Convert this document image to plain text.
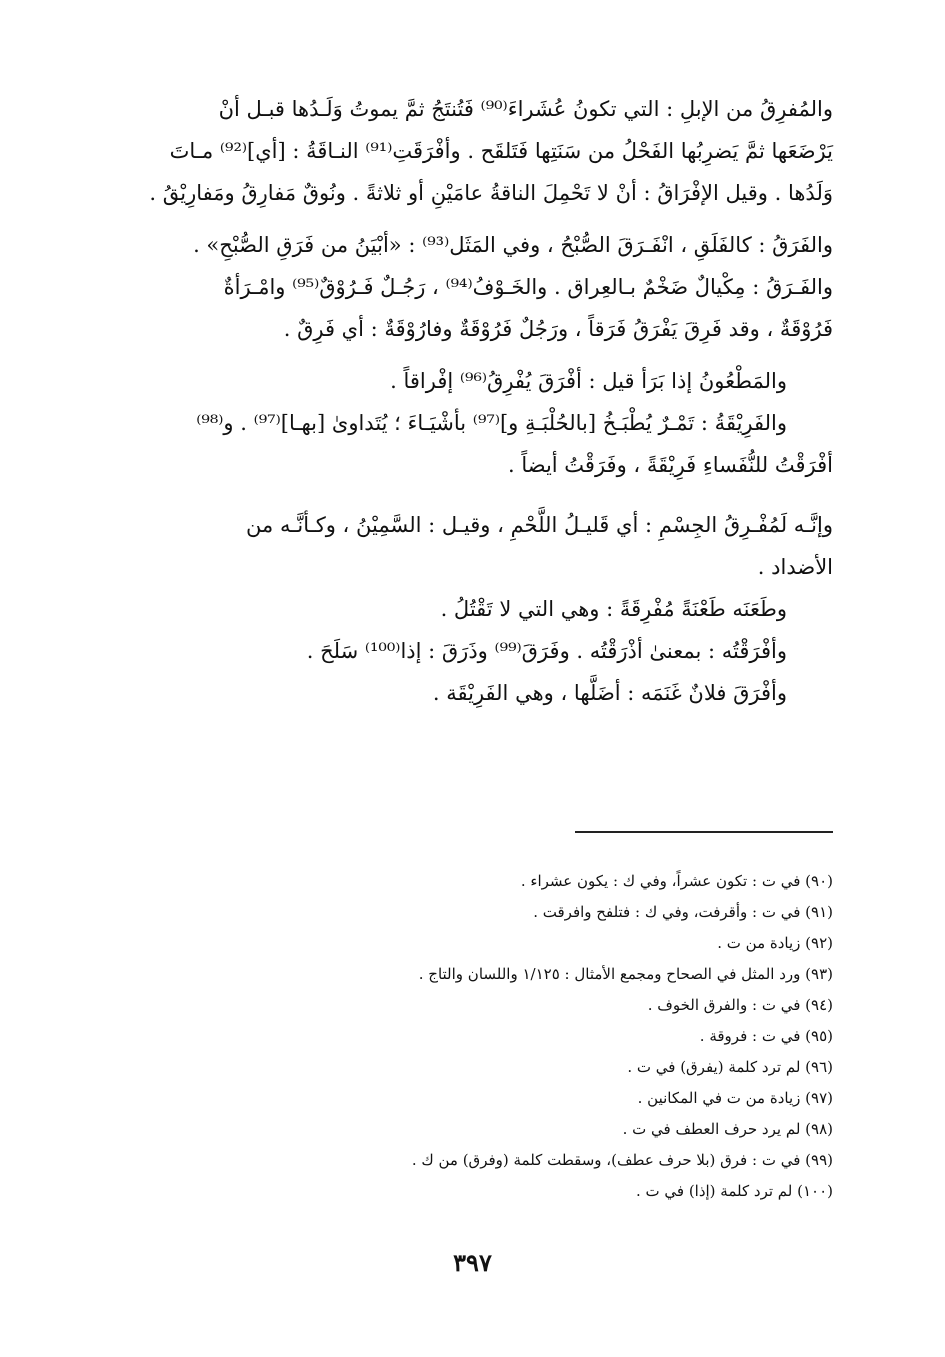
والمُفرِقُ من الإبلِ : التي تكونُ عُشَراءَ⁽⁹⁰⁾ فَتُنتَجُ ثمَّ يموتُ وَلَـدُها قبـل أنْ
يَرْضَعَها ثمَّ يَضرِبُها الفَحْلُ من سَنَتِها فَتَلقَح . وأفْرَقَتِ⁽⁹¹⁾ النـاقَةُ : [أي]⁽⁹²⁾ مـاتَ
وَلَدُها . وقيل الإفْرَاقُ : أنْ لا تَحْمِلَ الناقةُ عامَيْنِ أو ثلاثةً . ونُوقٌ مَفارِقُ ومَفارِيْقُ .

والفَرَقُ : كالفَلَقِ ، انْفَـرَقَ الصُّبْحُ ، وفي المَثَل⁽⁹³⁾ : «أبْيَنُ من فَرَقِ الصُّبْحِ» .
والفَـرَقُ : مِكْيالٌ ضَخْمٌ بـالعِراق . والخَـوْفُ⁽⁹⁴⁾ ، رَجُـلٌ فَـرُوْقٌ⁽⁹⁵⁾ وامْـرَأةٌ
فَرُوْقَةٌ ، وقد فَرِقَ يَفْرَقُ فَرَقاً ، ورَجُلٌ فَرُوْقَةٌ وفارُوْقَةٌ : أي فَرِقٌ .

والمَطْعُونُ إذا بَرَأ قيل : أفْرَقَ يُفْرِقُ⁽⁹⁶⁾ إفْراقاً .

والفَرِيْقَةُ : تَمْـرٌ يُطْبَـخُ [بالحُلْبَـةِ و]⁽⁹⁷⁾ بأشْيَـاءَ ؛ يُتَداوىٰ [بهـا]⁽⁹⁷⁾ . و⁽⁹⁸⁾
أفْرَقْتُ للنُّفَساءِ فَرِيْقَةً ، وفَرَقْتُ أيضاً .

وإنَّـه لَمُفْـرِقُ الجِسْمِ : أي قَليـلُ اللَّحْمِ ، وقيـل : السَّمِيْنُ ، وكـأنَّـه من
الأضداد .

وطَعَنَه طَعْنَةً مُفْرِقَةً : وهي التي لا تَقْتُلُ .
وأفْرَقْتُه : بمعنىٰ أذْرَقْتُه . وفَرَقَ⁽⁹⁹⁾ وذَرَقَ : إذا⁽¹⁰⁰⁾ سَلَحَ .
وأفْرَقَ فلانٌ غَنَمَه : أضَلَّها ، وهي الفَرِيْقَة .

(٩٠) في ت : تكون عشراً، وفي ك : يكون عشراء .
(٩١) في ت : وأقرفت، وفي ك : فتلفح وافرقت .
(٩٢) زيادة من ت .
(٩٣) ورد المثل في الصحاح ومجمع الأمثال : ١/١٢٥ واللسان والتاج .
(٩٤) في ت : والفرق الخوف .
(٩٥) في ت : فروقة .
(٩٦) لم ترد كلمة (يفرق) في ت .
(٩٧) زيادة من ت في المكانين .
(٩٨) لم يرد حرف العطف في ت .
(٩٩) في ت : فرق (بلا حرف عطف)، وسقطت كلمة (وفرق) من ك .
(١٠٠) لم ترد كلمة (إذا) في ت .
٣٩٧
